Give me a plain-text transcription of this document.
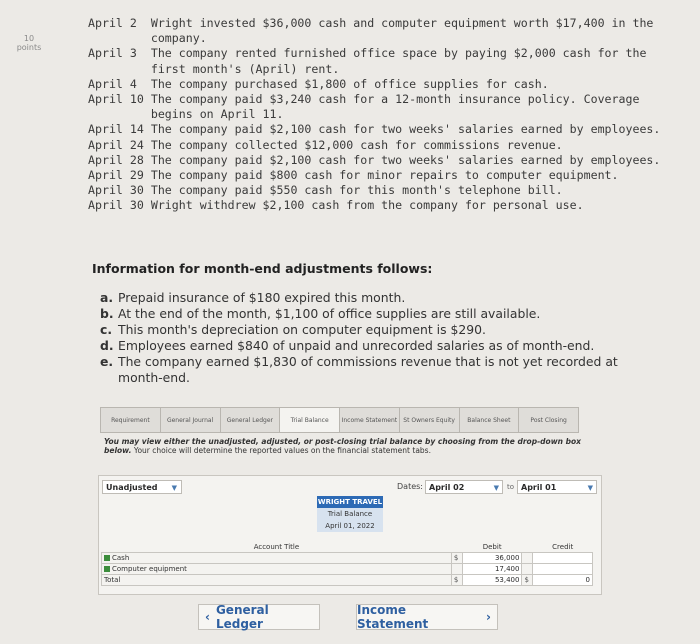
10
points
April 2 Wright invested $36,000 cash and computer equipment worth $17,400 in the company.
April 3 The company rented furnished office space by paying $2,000 cash for the first month's (April) rent.
April 4 The company purchased $1,800 of office supplies for cash.
April 10 The company paid $3,240 cash for a 12-month insurance policy. Coverage begins on April 11.
April 14 The company paid $2,100 cash for two weeks' salaries earned by employees.
April 24 The company collected $12,000 cash for commissions revenue.
April 28 The company paid $2,100 cash for two weeks' salaries earned by employees.
April 29 The company paid $800 cash for minor repairs to computer equipment.
April 30 The company paid $550 cash for this month's telephone bill.
April 30 Wright withdrew $2,100 cash from the company for personal use.
Information for month-end adjustments follows:
a. Prepaid insurance of $180 expired this month.
b. At the end of the month, $1,100 of office supplies are still available.
c. This month's depreciation on computer equipment is $290.
d. Employees earned $840 of unpaid and unrecorded salaries as of month-end.
e. The company earned $1,830 of commissions revenue that is not yet recorded at month-end.
Requirement	General Journal	General Ledger	Trial Balance	Income Statement	St Owners Equity	Balance Sheet	Post Closing
You may view either the unadjusted, adjusted, or post-closing trial balance by choosing from the drop-down box below. Your choice will determine the reported values on the financial statement tabs.
Unadjusted ▼	Dates: April 02	▼ to April 01	▼
WRIGHT TRAVEL
Trial Balance
April 01, 2022
Account Title		Debit		Credit
Cash	$	36,000		
Computer equipment		17,400		
Total	$	53,400	$	0
‹ General Ledger
Income Statement	›
